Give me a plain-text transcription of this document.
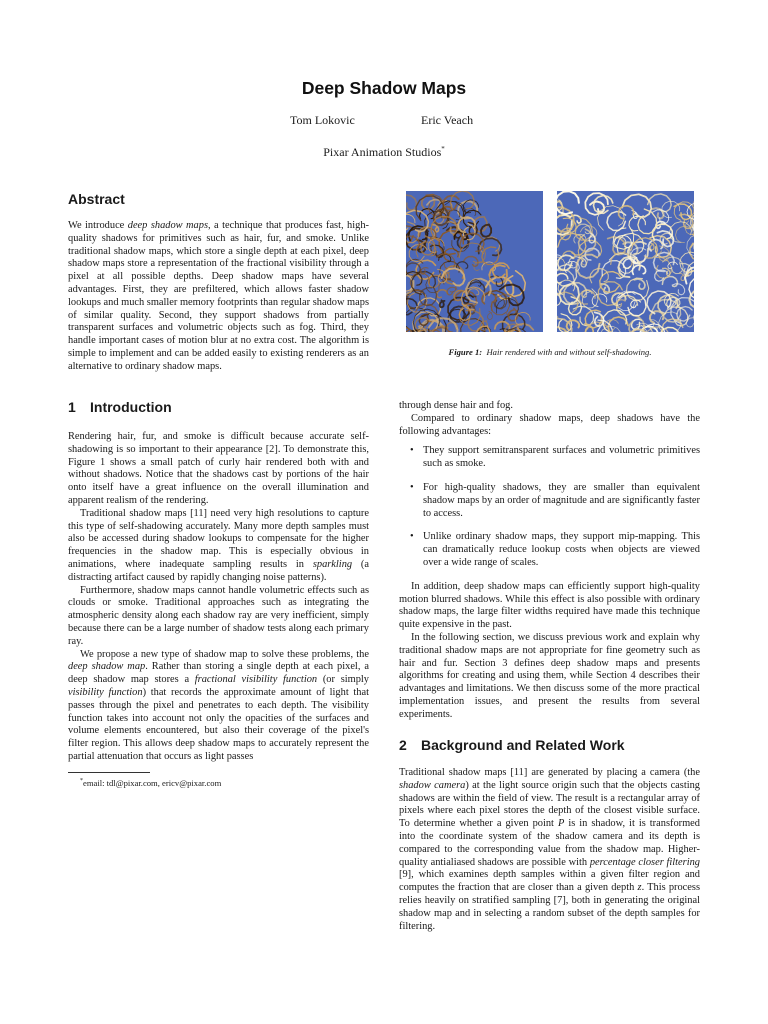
Deep Shadow Maps
Tom Lokovic	Eric Veach
Pixar Animation Studios*
Abstract

We introduce deep shadow maps, a technique that produces fast, high-quality shadows for primitives such as hair, fur, and smoke. Unlike traditional shadow maps, which store a single depth at each pixel, deep shadow maps store a representation of the fractional visibility through a pixel at all possible depths. Deep shadow maps have several advantages. First, they are prefiltered, which allows faster shadow lookups and much smaller memory footprints than regular shadow maps of similar quality. Second, they support shadows from partially transparent surfaces and volumetric objects such as fog. Third, they handle important cases of motion blur at no extra cost. The algorithm is simple to implement and can be added easily to existing renderers as an alternative to ordinary shadow maps.

1 Introduction

Rendering hair, fur, and smoke is difficult because accurate self-shadowing is so important to their appearance [2]. To demonstrate this, Figure 1 shows a small patch of curly hair rendered both with and without shadows. Notice that the shadows cast by portions of the hair onto itself have a great influence on the overall illumination and apparent realism of the rendering.

Traditional shadow maps [11] need very high resolutions to capture this type of self-shadowing accurately. Many more depth samples must also be accessed during shadow lookups to compensate for the higher frequencies in the shadow map. This is especially obvious in animations, where inadequate sampling results in sparkling (a distracting artifact caused by rapidly changing noise patterns).

Furthermore, shadow maps cannot handle volumetric effects such as clouds or smoke. Traditional approaches such as integrating the atmospheric density along each shadow ray are very inefficient, simply because there can be a large number of shadow tests along each primary ray.

We propose a new type of shadow map to solve these problems, the deep shadow map. Rather than storing a single depth at each pixel, a deep shadow map stores a fractional visibility function (or simply visibility function) that records the approximate amount of light that passes through the pixel and penetrates to each depth. The visibility function takes into account not only the opacities of the surfaces and volume elements encountered, but also their coverage of the pixel's filter region. This allows deep shadow maps to accurately represent the partial attenuation that occurs as light passes

*email: tdl@pixar.com, ericv@pixar.com
Figure 1: Hair rendered with and without self-shadowing.

through dense hair and fog.

Compared to ordinary shadow maps, deep shadows have the following advantages:

• They support semitransparent surfaces and volumetric primitives such as smoke.
• For high-quality shadows, they are smaller than equivalent shadow maps by an order of magnitude and are significantly faster to access.
• Unlike ordinary shadow maps, they support mip-mapping. This can dramatically reduce lookup costs when objects are viewed over a wide range of scales.

In addition, deep shadow maps can efficiently support high-quality motion blurred shadows. While this effect is also possible with ordinary shadow maps, the large filter widths required have made this technique quite expensive in the past.

In the following section, we discuss previous work and explain why traditional shadow maps are not appropriate for fine geometry such as hair and fur. Section 3 defines deep shadow maps and presents algorithms for creating and using them, while Section 4 describes their advantages and limitations. We then discuss some of the more practical implementation issues, and present the results from several experiments.

2 Background and Related Work

Traditional shadow maps [11] are generated by placing a camera (the shadow camera) at the light source origin such that the objects casting shadows are within the field of view. The result is a rectangular array of pixels where each pixel stores the depth of the closest visible surface. To determine whether a given point P is in shadow, it is transformed into the coordinate system of the shadow camera and its depth is compared to the corresponding value from the shadow map. Higher-quality antialiased shadows are possible with percentage closer filtering [9], which examines depth samples within a given filter region and computes the fraction that are closer than a given depth z. This process relies heavily on stratified sampling [7], both in generating the original shadow map and in selecting a random subset of the depth samples for filtering.
